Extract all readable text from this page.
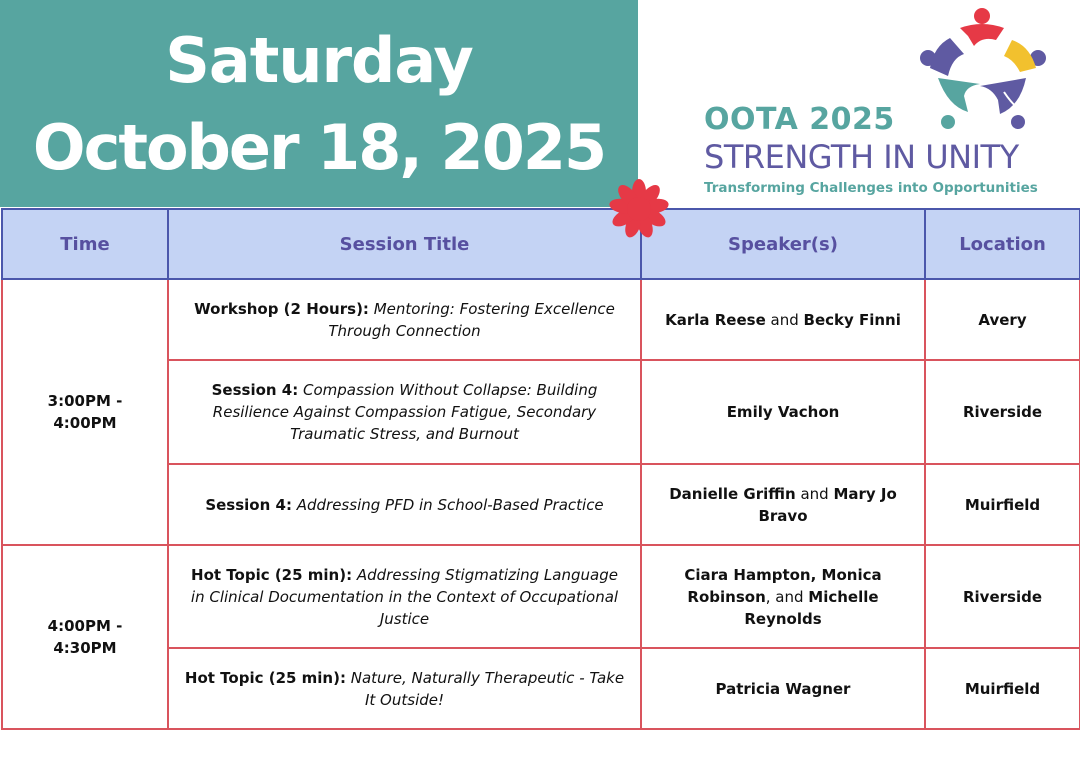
Saturday
October 18, 2025	OOTA 2025
STRENGTH IN UNITY
Transforming Challenges into Opportunities
Time	Session Title	Speaker(s)	Location
3:00PM - 4:00PM	Workshop (2 Hours): Mentoring: Fostering Excellence Through Connection	Karla Reese and Becky Finni	Avery
	Session 4: Compassion Without Collapse: Building Resilience Against Compassion Fatigue, Secondary Traumatic Stress, and Burnout	Emily Vachon	Riverside
	Session 4: Addressing PFD in School-Based Practice	Danielle Griffin and Mary Jo Bravo	Muirfield
4:00PM - 4:30PM	Hot Topic (25 min): Addressing Stigmatizing Language in Clinical Documentation in the Context of Occupational Justice	Ciara Hampton, Monica Robinson, and Michelle Reynolds	Riverside
	Hot Topic (25 min): Nature, Naturally Therapeutic - Take It Outside!	Patricia Wagner	Muirfield
